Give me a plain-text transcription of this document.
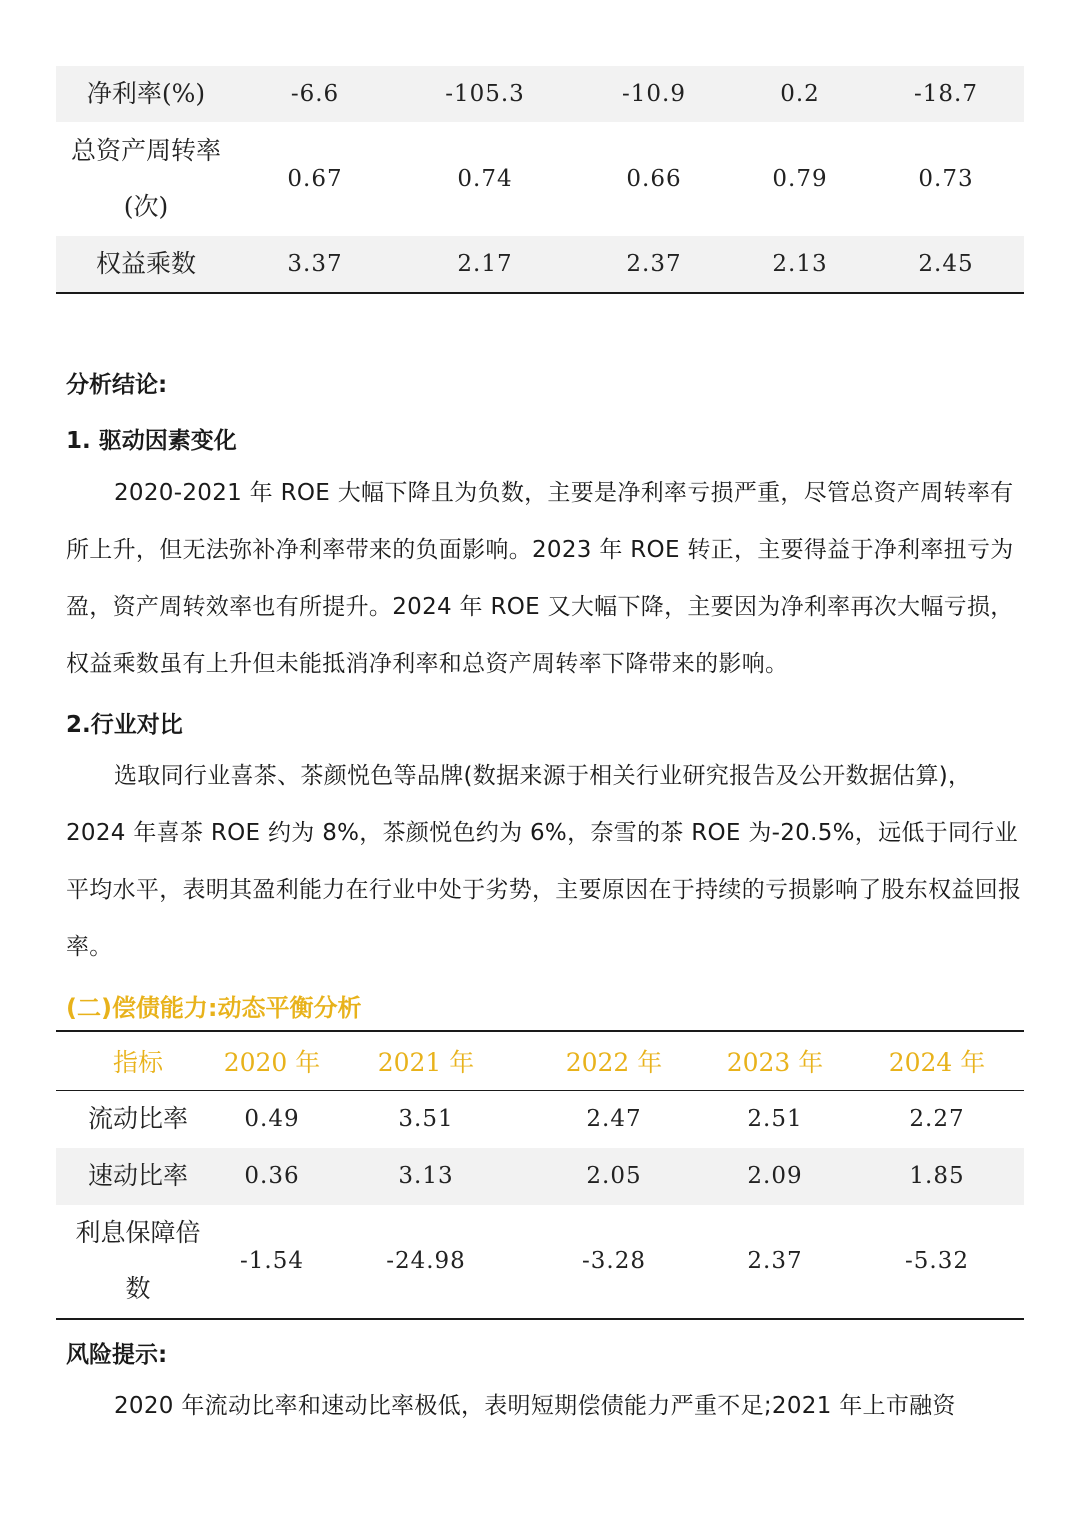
净利率(%)	-6.6	-105.3	-10.9	0.2	-18.7

总资产周转率
(次)	0.67	0.74	0.66	0.79	0.73
权益乘数	3.37	2.17	2.37	2.13	2.45
分析结论:
1. 驱动因素变化
2020-2021 年 ROE 大幅下降且为负数，主要是净利率亏损严重，尽管总资产周转率有所上升，但无法弥补净利率带来的负面影响。2023 年 ROE 转正，主要得益于净利率扭亏为盈，资产周转效率也有所提升。2024 年 ROE 又大幅下降，主要因为净利率再次大幅亏损，权益乘数虽有上升但未能抵消净利率和总资产周转率下降带来的影响。
2.行业对比
选取同行业喜茶、茶颜悦色等品牌(数据来源于相关行业研究报告及公开数据估算)，2024 年喜茶 ROE 约为 8%，茶颜悦色约为 6%，奈雪的茶 ROE 为-20.5%，远低于同行业平均水平，表明其盈利能力在行业中处于劣势，主要原因在于持续的亏损影响了股东权益回报率。
(二)偿债能力:动态平衡分析
指标	2020 年	2021 年	2022 年	2023 年	2024 年
流动比率	0.49	3.51	2.47	2.51	2.27
速动比率	0.36	3.13	2.05	2.09	1.85

利息保障倍
数	-1.54	-24.98	-3.28	2.37	-5.32
风险提示:
2020 年流动比率和速动比率极低，表明短期偿债能力严重不足;2021 年上市融资
